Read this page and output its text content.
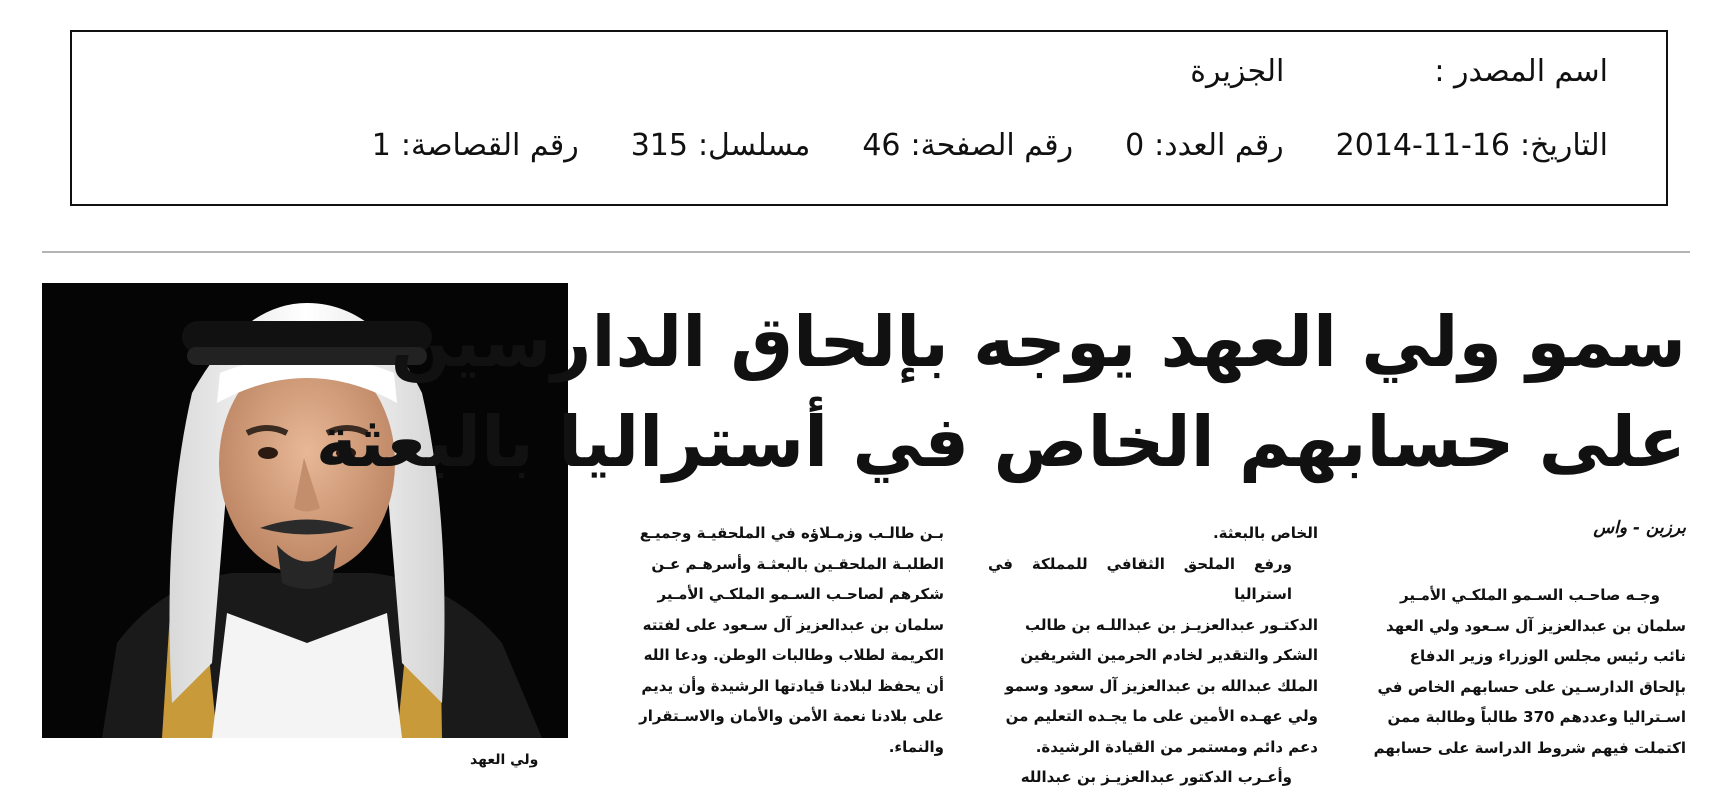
اسم المصدر :
الجزيرة
التاريخ:2014-11-16
رقم العدد:0
رقم الصفحة:46
مسلسل:315
رقم القصاصة:1
ولي العهد
سمو ولي العهد يوجه بإلحاق الدارسين
على حسابهم الخاص في أستراليا بالبعثة
برزبن - واس

وجـه صاحـب السـمو الملكـي الأمـير

سلمان بن عبدالعزيز آل سـعود ولي العهد

نائب رئيس مجلس الوزراء وزير الدفاع

بإلحاق الدارسـين على حسابهم الخاص في

اسـتراليا وعددهم 370 طالباً وطالبة ممن

اكتملت فيهم شروط الدراسة على حسابهم

الخاص بالبعثة.

ورفع الملحق الثقافي للمملكة في استراليا

الدكتـور عبدالعزيـز بن عبداللـه بن طالب

الشكر والتقدير لخادم الحرمين الشريفين

الملك عبدالله بن عبدالعزيز آل سعود وسمو

ولي عهـده الأمين على ما يجـده التعليم من

دعم دائم ومستمر من القيادة الرشيدة.

وأعـرب الدكتور عبدالعزيـز بن عبدالله

بـن طالـب وزمـلاؤه في الملحقيـة وجميـع

الطلبـة الملحقـين بالبعثـة وأسرهـم عـن

شكرهم لصاحـب السـمو الملكـي الأمـير

سلمان بن عبدالعزيز آل سـعود على لفتته

الكريمة لطلاب وطالبات الوطن. ودعا الله

أن يحفظ لبلادنا قيادتها الرشيدة وأن يديم

على بلادنا نعمة الأمن والأمان والاسـتقرار

والنماء.
